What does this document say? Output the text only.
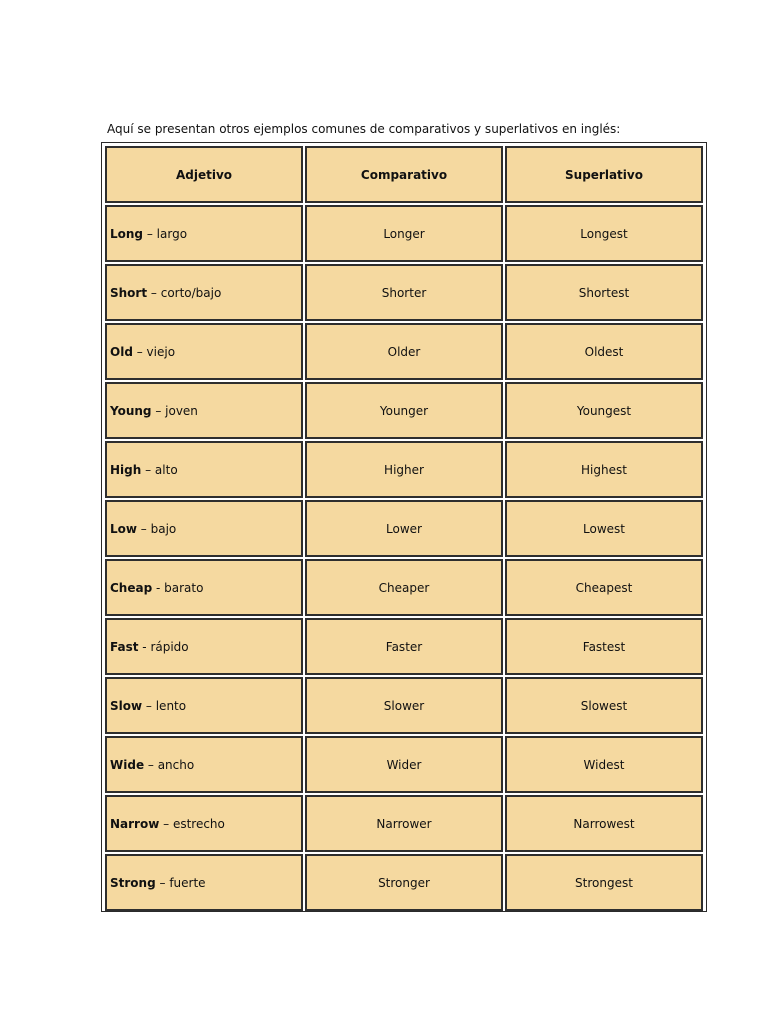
Aquí se presentan otros ejemplos comunes de comparativos y superlativos en inglés:

Adjetivo	Comparativo	Superlativo
Long – largo	Longer	Longest
Short – corto/bajo	Shorter	Shortest
Old – viejo	Older	Oldest
Young – joven	Younger	Youngest
High – alto	Higher	Highest
Low – bajo	Lower	Lowest
Cheap - barato	Cheaper	Cheapest
Fast - rápido	Faster	Fastest
Slow – lento	Slower	Slowest
Wide – ancho	Wider	Widest
Narrow – estrecho	Narrower	Narrowest
Strong – fuerte	Stronger	Strongest
